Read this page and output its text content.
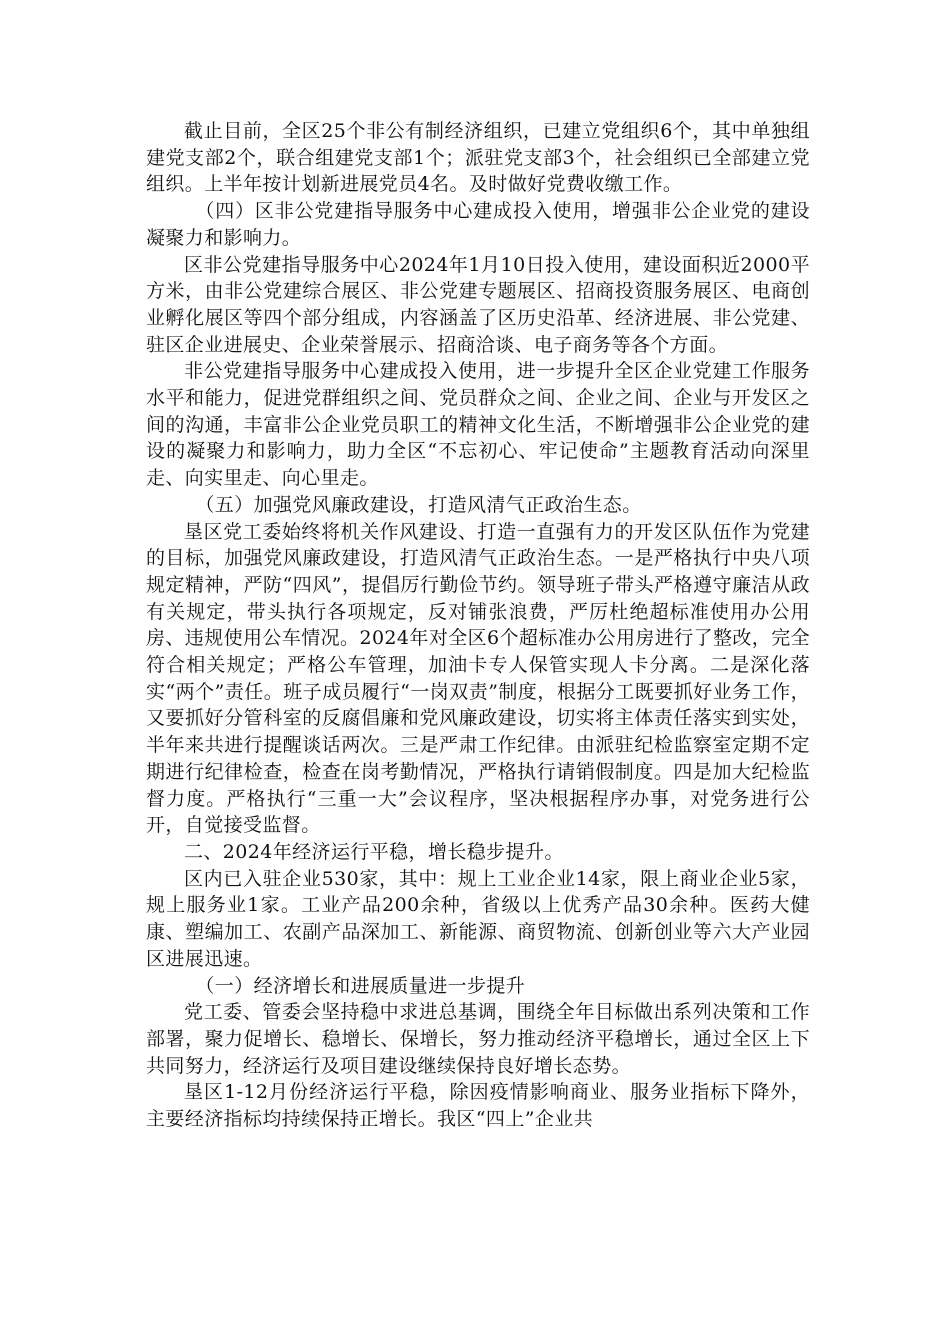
截止目前，全区25个非公有制经济组织，已建立党组织6个，其中单独组建党支部2个，联合组建党支部1个；派驻党支部3个，社会组织已全部建立党组织。上半年按计划新进展党员4名。及时做好党费收缴工作。

（四）区非公党建指导服务中心建成投入使用，增强非公企业党的建设凝聚力和影响力。

区非公党建指导服务中心2024年1月10日投入使用，建设面积近2000平方米，由非公党建综合展区、非公党建专题展区、招商投资服务展区、电商创业孵化展区等四个部分组成，内容涵盖了区历史沿革、经济进展、非公党建、驻区企业进展史、企业荣誉展示、招商洽谈、电子商务等各个方面。

非公党建指导服务中心建成投入使用，进一步提升全区企业党建工作服务水平和能力，促进党群组织之间、党员群众之间、企业之间、企业与开发区之间的沟通，丰富非公企业党员职工的精神文化生活，不断增强非公企业党的建设的凝聚力和影响力，助力全区“不忘初心、牢记使命”主题教育活动向深里走、向实里走、向心里走。

（五）加强党风廉政建设，打造风清气正政治生态。

垦区党工委始终将机关作风建设、打造一直强有力的开发区队伍作为党建的目标，加强党风廉政建设，打造风清气正政治生态。一是严格执行中央八项规定精神，严防“四风”，提倡厉行勤俭节约。领导班子带头严格遵守廉洁从政有关规定，带头执行各项规定，反对铺张浪费，严厉杜绝超标准使用办公用房、违规使用公车情况。2024年对全区6个超标准办公用房进行了整改，完全符合相关规定；严格公车管理，加油卡专人保管实现人卡分离。二是深化落实“两个”责任。班子成员履行“一岗双责”制度，根据分工既要抓好业务工作，又要抓好分管科室的反腐倡廉和党风廉政建设，切实将主体责任落实到实处，半年来共进行提醒谈话两次。三是严肃工作纪律。由派驻纪检监察室定期不定期进行纪律检查，检查在岗考勤情况，严格执行请销假制度。四是加大纪检监督力度。严格执行“三重一大”会议程序，坚决根据程序办事，对党务进行公开，自觉接受监督。

二、2024年经济运行平稳，增长稳步提升。

区内已入驻企业530家，其中：规上工业企业14家，限上商业企业5家，规上服务业1家。工业产品200余种，省级以上优秀产品30余种。医药大健康、塑编加工、农副产品深加工、新能源、商贸物流、创新创业等六大产业园区进展迅速。

（一）经济增长和进展质量进一步提升

党工委、管委会坚持稳中求进总基调，围绕全年目标做出系列决策和工作部署，聚力促增长、稳增长、保增长，努力推动经济平稳增长，通过全区上下共同努力，经济运行及项目建设继续保持良好增长态势。

垦区1-12月份经济运行平稳，除因疫情影响商业、服务业指标下降外，主要经济指标均持续保持正增长。我区“四上”企业共
